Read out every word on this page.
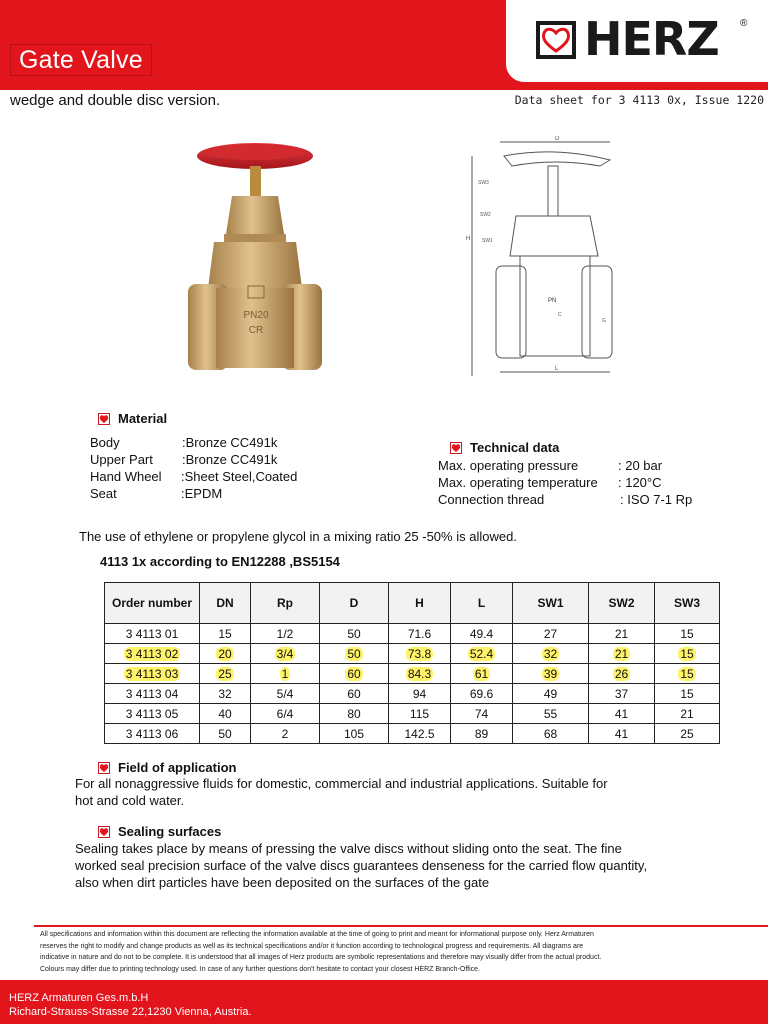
HERZ ®
Gate Valve
wedge and double disc version.	Data sheet for 3 4113 0x, Issue 1220
PN20
CR
D
H
L
SW3
SW2
SW1
PN
G
C
Material
Body	:Bronze CC491k
Upper Part	:Bronze CC491k
Hand Wheel	:Sheet Steel,Coated
Seat	:EPDM
Technical data
Max. operating pressure	: 20 bar
Max. operating temperature	: 120°C
Connection thread	: ISO 7-1 Rp
The use of ethylene or propylene glycol in a mixing ratio 25 -50% is allowed.
4113 1x according to EN12288 ,BS5154
Order number	DN	Rp	D	H	L	SW1	SW2	SW3
3 4113 01	15	1/2	50	71.6	49.4	27	21	15
3 4113 02	20	3/4	50	73.8	52.4	32	21	15
3 4113 03	25	1	60	84.3	61	39	26	15
3 4113 04	32	5/4	60	94	69.6	49	37	15
3 4113 05	40	6/4	80	115	74	55	41	21
3 4113 06	50	2	105	142.5	89	68	41	25
Field of application
For all nonaggressive fluids for domestic, commercial and industrial applications. Suitable for
hot and cold water.
Sealing surfaces
Sealing takes place by means of pressing the valve discs without sliding onto the seat. The fine
worked seal precision surface of the valve discs guarantees denseness for the carried flow quantity,
also when dirt particles have been deposited on the surfaces of the gate
All specifications and information within this document are reflecting the information available at the time of going to print and meant for informational purpose only. Herz Armaturen
reserves the right to modify and change products as well as its technical specifications and/or it function according to technological progress and requirements. All diagrams are
indicative in nature and do not to be complete. It is understood that all images of Herz products are symbolic representations and therefore may visually differ from the actual product.
Colours may differ due to printing technology used. In case of any further questions don't hesitate to contact your closest HERZ Branch-Office.
HERZ Armaturen Ges.m.b.H
Richard-Strauss-Strasse 22,1230 Vienna, Austria.
